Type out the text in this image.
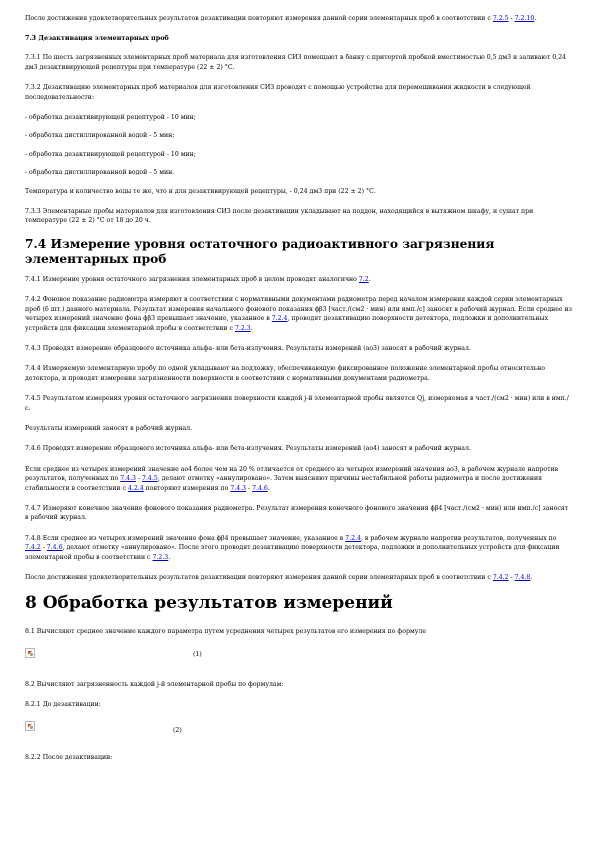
После достижения удовлетворительных результатов дезактивации повторяют измерения данной серии элементарных проб в соответствии с 7.2.5 - 7.2.10.

7.3 Дезактивация элементарных проб

7.3.1 По шесть загрязненных элементарных проб материала для изготовления СИЗ помещают в банку с притертой пробкой вместимостью 0,5 дм3 и заливают 0,24 дм3 дезактивирующей рецептуры при температуре (22 ± 2) °С.

7.3.2 Дезактивацию элементарных проб материалов для изготовления СИЗ проводят с помощью устройства для перемешивания жидкости в следующей последовательности:

- обработка дезактивирующей рецептурой - 10 мин;

- обработка дистиллированной водой - 5 мин;

- обработка дезактивирующей рецептурой - 10 мин;

- обработка дистиллированной водой - 5 мин.

Температура и количество воды те же, что и для дезактивирующей рецептуры, - 0,24 дм3 при (22 ± 2) °С.

7.3.3 Элементарные пробы материалов для изготовления СИЗ после дезактивации укладывают на поддон, находящийся в вытяжном шкафу, и сушат при температуре (22 ± 2) °С от 18 до 20 ч.

7.4 Измерение уровня остаточного радиоактивного загрязнения элементарных проб

7.4.1 Измерение уровня остаточного загрязнения элементарных проб в целом проводят аналогично 7.2.

7.4.2 Фоновое показание радиометра измеряют в соответствии с нормативными документами радиометра перед началом измерения каждой серии элементарных проб (6 шт.) данного материала. Результат измерения начального фонового показания ϕβ3 [част./(см2 · мин) или имп./с] заносят в рабочий журнал. Если среднее из четырех измерений значение фона ϕβ3 превышает значение, указанное в 7.2.4, проводят дезактивацию поверхности детектора, подложки и дополнительных устройств для фиксации элементарной пробы в соответствии с 7.2.3.

7.4.3 Проводят измерение образцового источника альфа- или бета-излучения. Результаты измерений (ao3) заносят в рабочий журнал.

7.4.4 Измеряемую элементарную пробу по одной укладывают на подложку, обеспечивающую фиксированное положение элементарной пробы относительно детектора, и проводят измерения загрязненности поверхности в соответствии с нормативными документами радиометра.

7.4.5 Результатом измерения уровня остаточного загрязнения поверхности каждой j-й элементарной пробы является Qj, измеряемая в част./(см2 · мин) или в имп./с.

Результаты измерений заносят в рабочий журнал.

7.4.6 Проводят измерение образцового источника альфа- или бета-излучения. Результаты измерений (ao4) заносят в рабочий журнал.

Если среднее из четырех измерений значение ao4 более чем на 20 % отличается от среднего из четырех измерений значения ao3, в рабочем журнале напротив результатов, полученных по 7.4.3 - 7.4.5, делают отметку «аннулировано». Затем выясняют причины нестабильной работы радиометра и после достижения стабильности в соответствии с 4.2.4 повторяют измерения по 7.4.3 - 7.4.6.

7.4.7 Измеряют конечное значение фонового показания радиометра. Результат измерения конечного фонового значения ϕβ4 [част./(см2 · мин) или имп./с] заносят в рабочий журнал.

7.4.8 Если среднее из четырех измерений значение фона ϕβ4 превышает значение, указанное в 7.2.4, в рабочем журнале напротив результатов, полученных по 7.4.2 - 7.4.6, делают отметку «аннулировано». После этого проводят дезактивацию поверхности детектора, подложки и дополнительных устройств для фиксации элементарной пробы в соответствии с 7.2.3.

После достижения удовлетворительных результатов дезактивации повторяют измерения данной серии элементарных проб в соответствии с 7.4.2 - 7.4.8.

8 Обработка результатов измерений

8.1 Вычисляют среднее значение каждого параметра путем усреднения четырех результатов его измерения по формуле

(1)

8.2 Вычисляют загрязненность каждой j-й элементарной пробы по формулам:

8.2.1 До дезактивации:

(2)

8.2.2 После дезактивации:
